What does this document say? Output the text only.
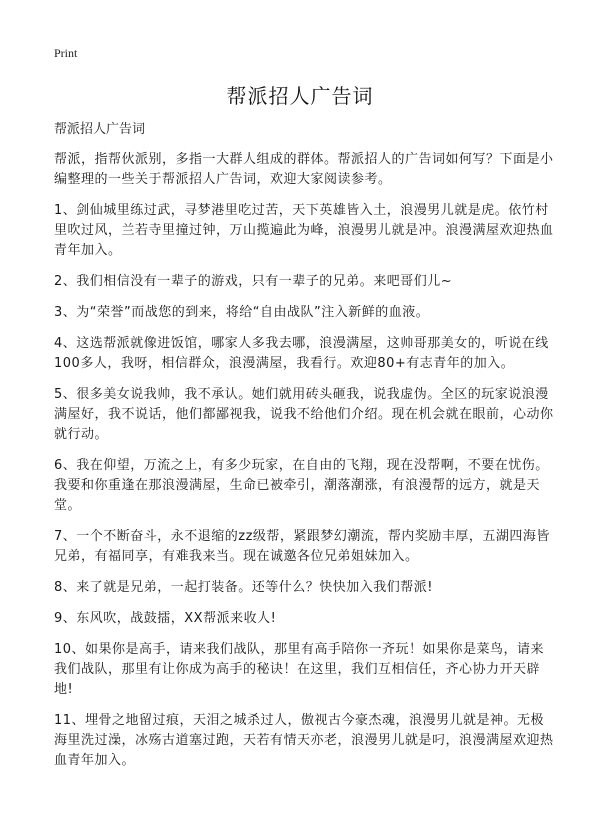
Print
帮派招人广告词

帮派招人广告词

帮派，指帮伙派别，多指一大群人组成的群体。帮派招人的广告词如何写？下面是小编整理的一些关于帮派招人广告词，欢迎大家阅读参考。

1、剑仙城里练过武，寻梦港里吃过苦，天下英雄皆入土，浪漫男儿就是虎。依竹村里吹过风，兰若寺里撞过钟，万山揽遍此为峰，浪漫男儿就是冲。浪漫满屋欢迎热血青年加入。

2、我们相信没有一辈子的游戏，只有一辈子的兄弟。来吧哥们儿~

3、为“荣誉”而战您的到来，将给“自由战队”注入新鲜的血液。

4、这选帮派就像进饭馆，哪家人多我去哪，浪漫满屋，这帅哥那美女的，听说在线100多人，我呀，相信群众，浪漫满屋，我看行。欢迎80+有志青年的加入。

5、很多美女说我帅，我不承认。她们就用砖头砸我，说我虚伪。全区的玩家说浪漫满屋好，我不说话，他们都鄙视我，说我不给他们介绍。现在机会就在眼前，心动你就行动。

6、我在仰望，万流之上，有多少玩家，在自由的飞翔，现在没帮啊，不要在忧伤。我要和你重逢在那浪漫满屋，生命已被牵引，潮落潮涨，有浪漫帮的远方，就是天堂。

7、一个不断奋斗，永不退缩的zz级帮，紧跟梦幻潮流，帮内奖励丰厚，五湖四海皆兄弟，有福同享，有难我来当。现在诚邀各位兄弟姐妹加入。

8、来了就是兄弟，一起打装备。还等什么？快快加入我们帮派!

9、东风吹，战鼓擂，XX帮派来收人!

10、如果你是高手，请来我们战队，那里有高手陪你一齐玩！如果你是菜鸟，请来我们战队，那里有让你成为高手的秘诀！在这里，我们互相信任，齐心协力开天辟地!

11、埋骨之地留过痕，天泪之城杀过人，傲视古今豪杰魂，浪漫男儿就是神。无极海里洗过澡，冰殇古道塞过跑，天若有情天亦老，浪漫男儿就是叼，浪漫满屋欢迎热血青年加入。
